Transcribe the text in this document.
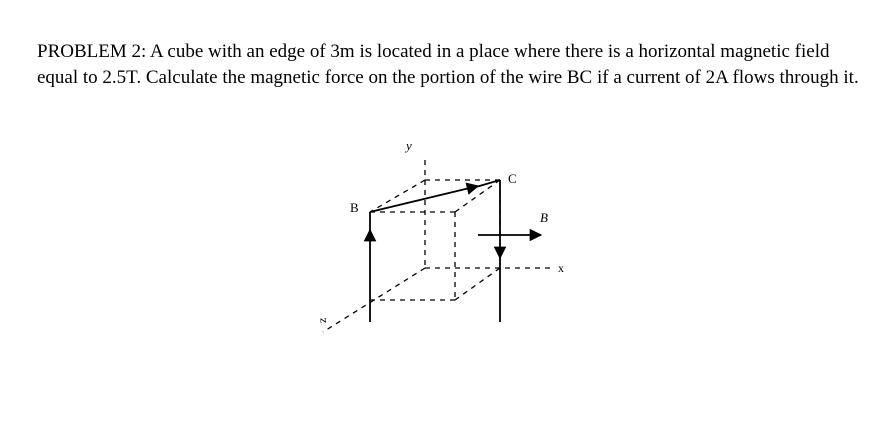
PROBLEM 2: A cube with an edge of 3m is located in a place where there is a horizontal magnetic field equal to 2.5T. Calculate the magnetic force on the portion of the wire BC if a current of 2A flows through it.

y
x
z
B
C
B
